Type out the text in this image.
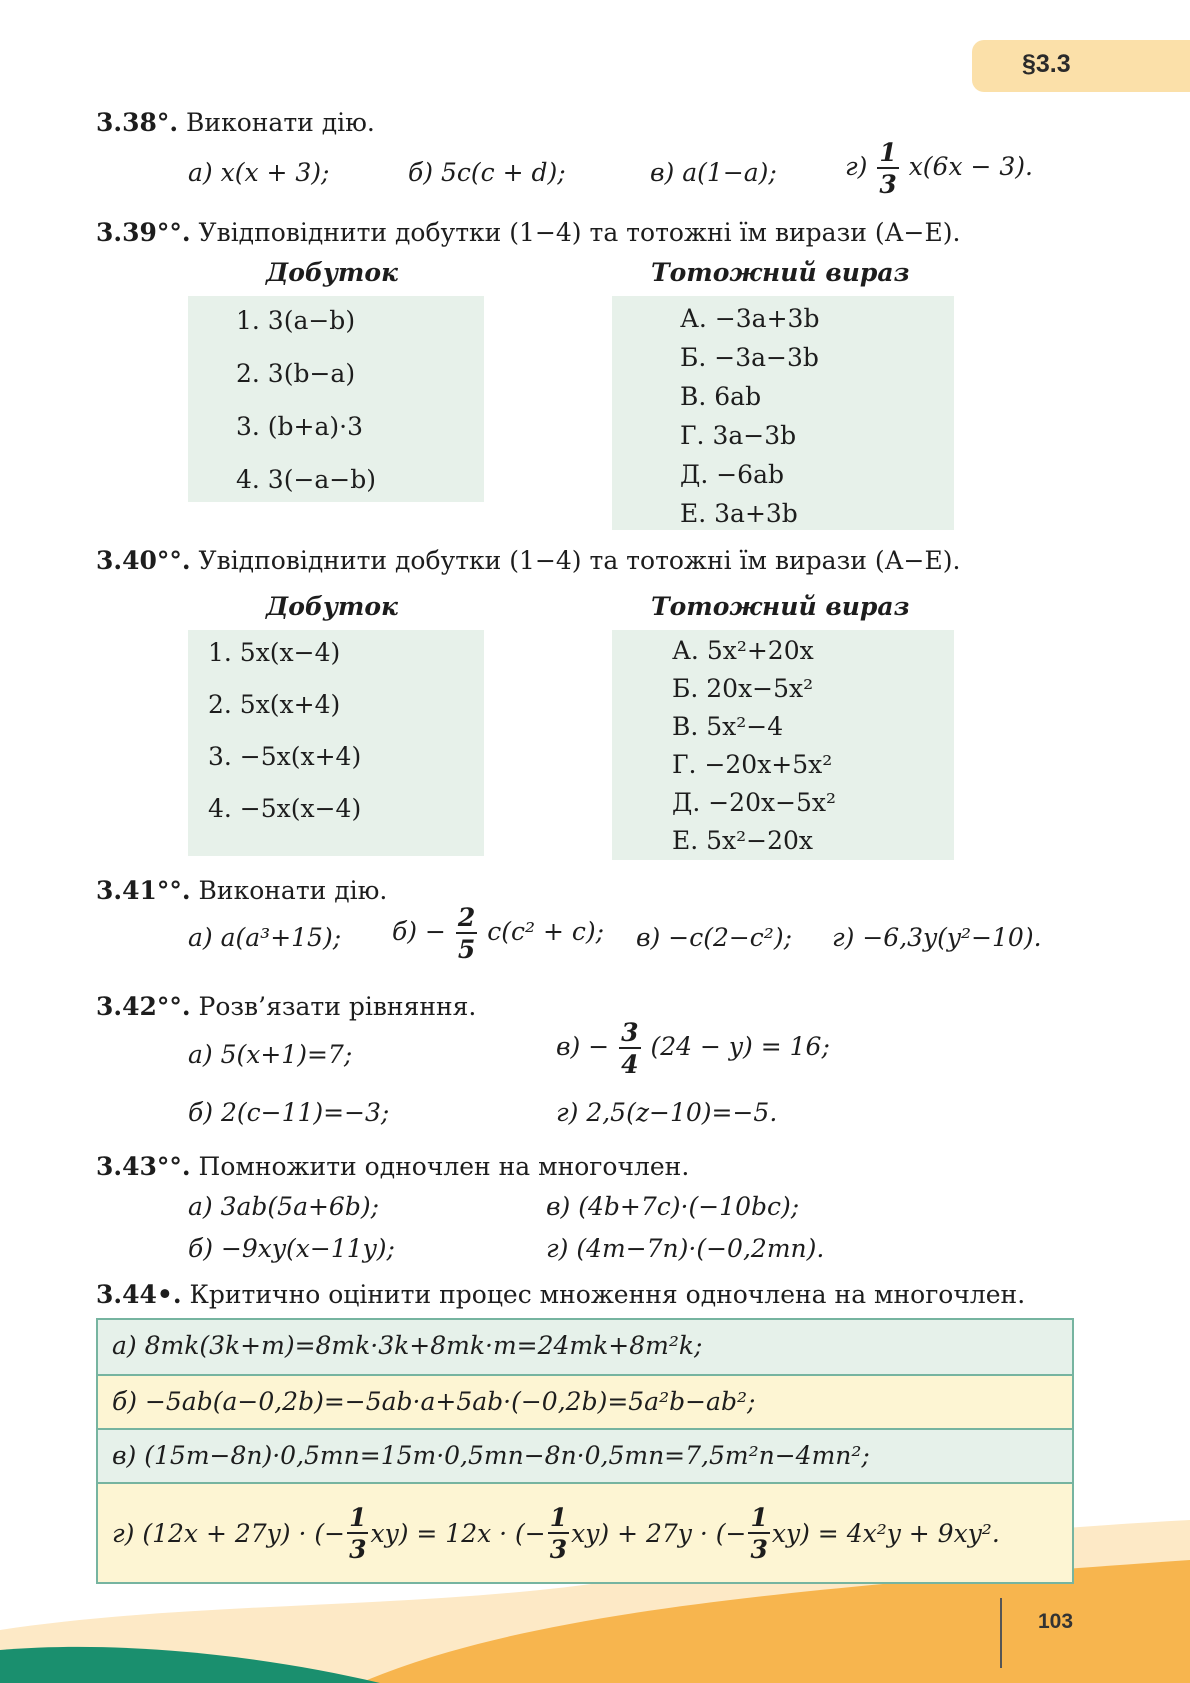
§3.3
3.38°. Виконати дію.
а) x(x + 3);	б) 5c(c + d);	в) a(1−a);	$г) \frac{1}{3} x(6x - 3)$.
3.39°°. Увідповіднити добутки (1−4) та тотожні їм вирази (А−Е).
Добуток	Тотожний вираз
1. 3(a−b)
2. 3(b−a)
3. (b+a)·3
4. 3(−a−b)
А. −3a+3b
Б. −3a−3b
В. 6ab
Г. 3a−3b
Д. −6ab
Е. 3a+3b
3.40°°. Увідповіднити добутки (1−4) та тотожні їм вирази (А−Е).
Добуток	Тотожний вираз
1. 5x(x−4)
2. 5x(x+4)
3. −5x(x+4)
4. −5x(x−4)
А. 5x²+20x
Б. 20x−5x²
В. 5x²−4
Г. −20x+5x²
Д. −20x−5x²
Е. 5x²−20x
3.41°°. Виконати дію.
а) a(a³+15); $б) - \frac{2}{5} c(c^2 + c)$; в) −c(2−c²); г) −6,3y(y²−10).
3.42°°. Розв’язати рівняння.
а) 5(x+1)=7;	$в) - \frac{3}{4} (24 - y) = 16$;
б) 2(c−11)=−3;	г) 2,5(z−10)=−5.
3.43°°. Помножити одночлен на многочлен.
а) 3ab(5a+6b);	в) (4b+7c)·(−10bc);
б) −9xy(x−11y);	г) (4m−7n)·(−0,2mn).
3.44•. Критично оцінити процес множення одночлена на многочлен.
а) 8mk(3k+m)=8mk·3k+8mk·m=24mk+8m²k;
б) −5ab(a−0,2b)=−5ab·a+5ab·(−0,2b)=5a²b−ab²;
в) (15m−8n)·0,5mn=15m·0,5mn−8n·0,5mn=7,5m²n−4mn²;
г) (12x + 27y) · (− $\frac{1}{3} xy) = 12x$ · (− $\frac{1}{3} xy) + 27y$ · (− $\frac{1}{3} xy) = 4x^2y + 9xy^2$.
103
